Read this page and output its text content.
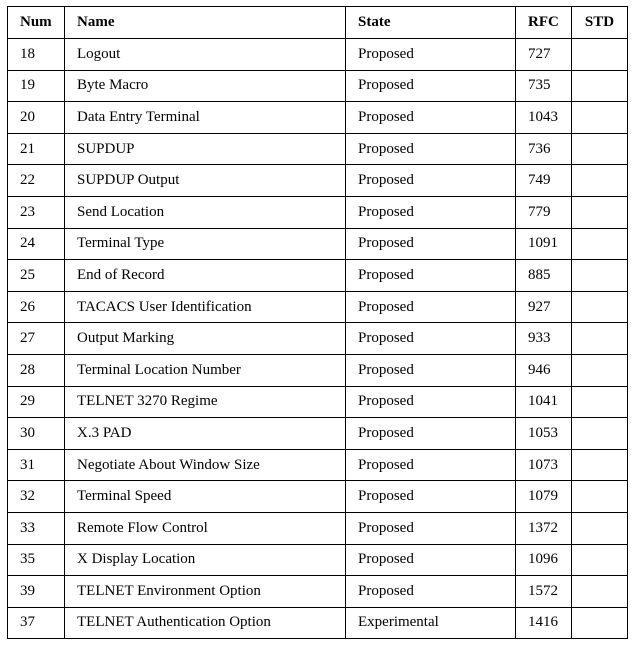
Num	Name	State	RFC	STD
18	Logout	Proposed	727	
19	Byte Macro	Proposed	735	
20	Data Entry Terminal	Proposed	1043	
21	SUPDUP	Proposed	736	
22	SUPDUP Output	Proposed	749	
23	Send Location	Proposed	779	
24	Terminal Type	Proposed	1091	
25	End of Record	Proposed	885	
26	TACACS User Identification	Proposed	927	
27	Output Marking	Proposed	933	
28	Terminal Location Number	Proposed	946	
29	TELNET 3270 Regime	Proposed	1041	
30	X.3 PAD	Proposed	1053	
31	Negotiate About Window Size	Proposed	1073	
32	Terminal Speed	Proposed	1079	
33	Remote Flow Control	Proposed	1372	
35	X Display Location	Proposed	1096	
39	TELNET Environment Option	Proposed	1572	
37	TELNET Authentication Option	Experimental	1416	
